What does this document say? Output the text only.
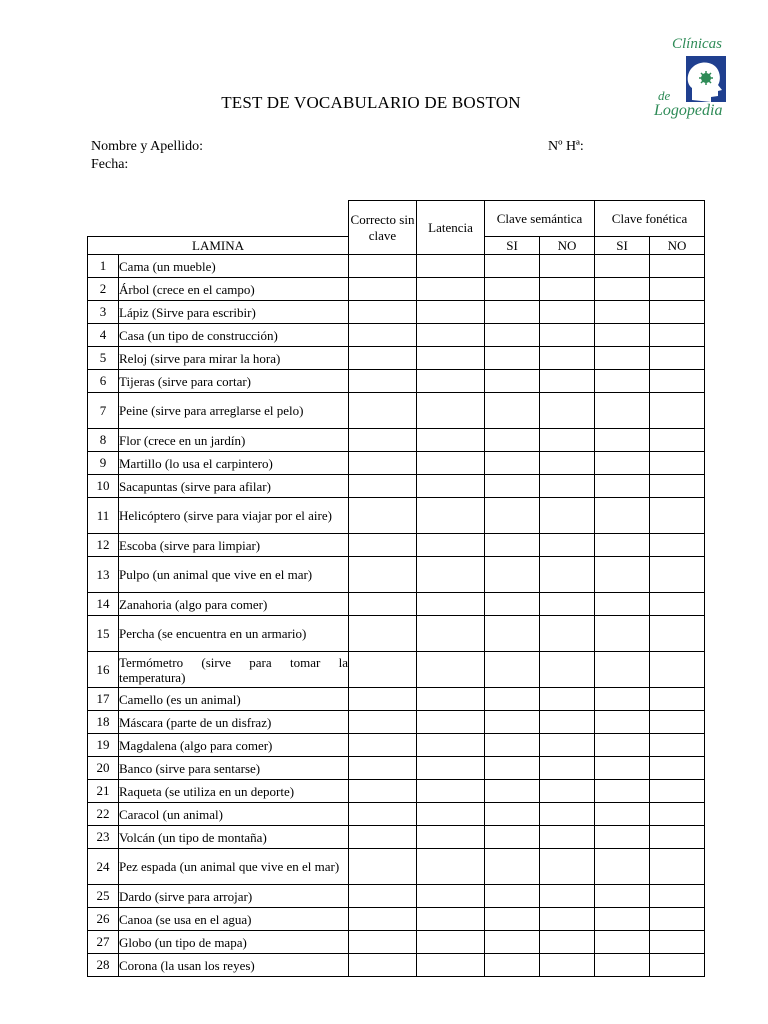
Clínicas
de
Logopedia
TEST DE VOCABULARIO DE BOSTON
Nombre y Apellido:	Nº Hª:
Fecha:
		Correcto sin clave	Latencia	Clave semántica		Clave fonética	
LAMINA				SI	NO	SI	NO
1	Cama (un mueble)						
2	Árbol (crece en el campo)						
3	Lápiz (Sirve para escribir)						
4	Casa (un tipo de construcción)						
5	Reloj (sirve para mirar la hora)						
6	Tijeras (sirve para cortar)						
7	Peine (sirve para arreglarse el pelo)						
8	Flor (crece en un jardín)						
9	Martillo (lo usa el carpintero)						
10	Sacapuntas (sirve para afilar)						
11	Helicóptero (sirve para viajar por el aire)						
12	Escoba (sirve para limpiar)						
13	Pulpo (un animal que vive en el mar)						
14	Zanahoria (algo para comer)						
15	Percha (se encuentra en un armario)						
16	Termómetro (sirve para tomar la temperatura)						
17	Camello (es un animal)						
18	Máscara (parte de un disfraz)						
19	Magdalena (algo para comer)						
20	Banco (sirve para sentarse)						
21	Raqueta (se utiliza en un deporte)						
22	Caracol (un animal)						
23	Volcán (un tipo de montaña)						
24	Pez espada (un animal que vive en el mar)						
25	Dardo (sirve para arrojar)						
26	Canoa (se usa en el agua)						
27	Globo (un tipo de mapa)						
28	Corona (la usan los reyes)						
